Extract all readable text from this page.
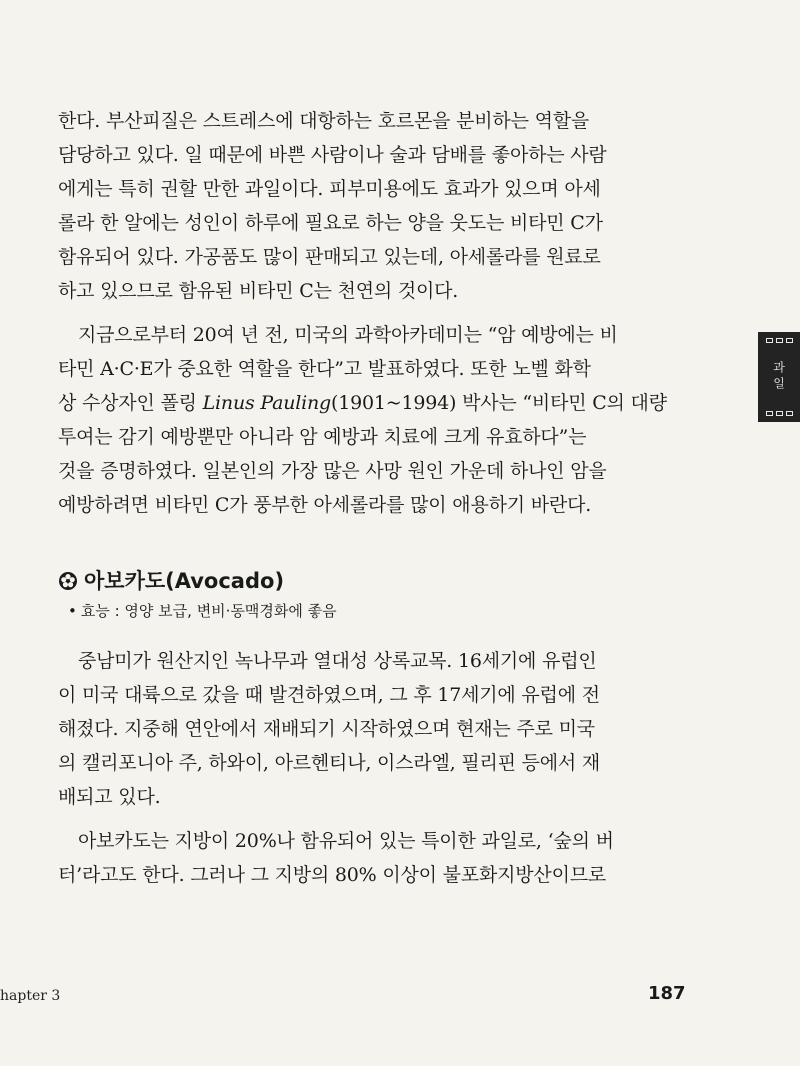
한다. 부산피질은 스트레스에 대항하는 호르몬을 분비하는 역할을
담당하고 있다. 일 때문에 바쁜 사람이나 술과 담배를 좋아하는 사람
에게는 특히 권할 만한 과일이다. 피부미용에도 효과가 있으며 아세
롤라 한 알에는 성인이 하루에 필요로 하는 양을 웃도는 비타민 C가
함유되어 있다. 가공품도 많이 판매되고 있는데, 아세롤라를 원료로
하고 있으므로 함유된 비타민 C는 천연의 것이다.
지금으로부터 20여 년 전, 미국의 과학아카데미는 “암 예방에는 비
타민 A·C·E가 중요한 역할을 한다”고 발표하였다. 또한 노벨 화학
상 수상자인 폴링 Linus Pauling(1901~1994) 박사는 “비타민 C의 대량
투여는 감기 예방뿐만 아니라 암 예방과 치료에 크게 유효하다”는
것을 증명하였다. 일본인의 가장 많은 사망 원인 가운데 하나인 암을
예방하려면 비타민 C가 풍부한 아세롤라를 많이 애용하기 바란다.
아보카도(Avocado)
• 효능 : 영양 보급, 변비·동맥경화에 좋음
중남미가 원산지인 녹나무과 열대성 상록교목. 16세기에 유럽인
이 미국 대륙으로 갔을 때 발견하였으며, 그 후 17세기에 유럽에 전
해졌다. 지중해 연안에서 재배되기 시작하였으며 현재는 주로 미국
의 캘리포니아 주, 하와이, 아르헨티나, 이스라엘, 필리핀 등에서 재
배되고 있다.
아보카도는 지방이 20%나 함유되어 있는 특이한 과일로, ‘숲의 버
터’라고도 한다. 그러나 그 지방의 80% 이상이 불포화지방산이므로
과일
hapter 3	187
